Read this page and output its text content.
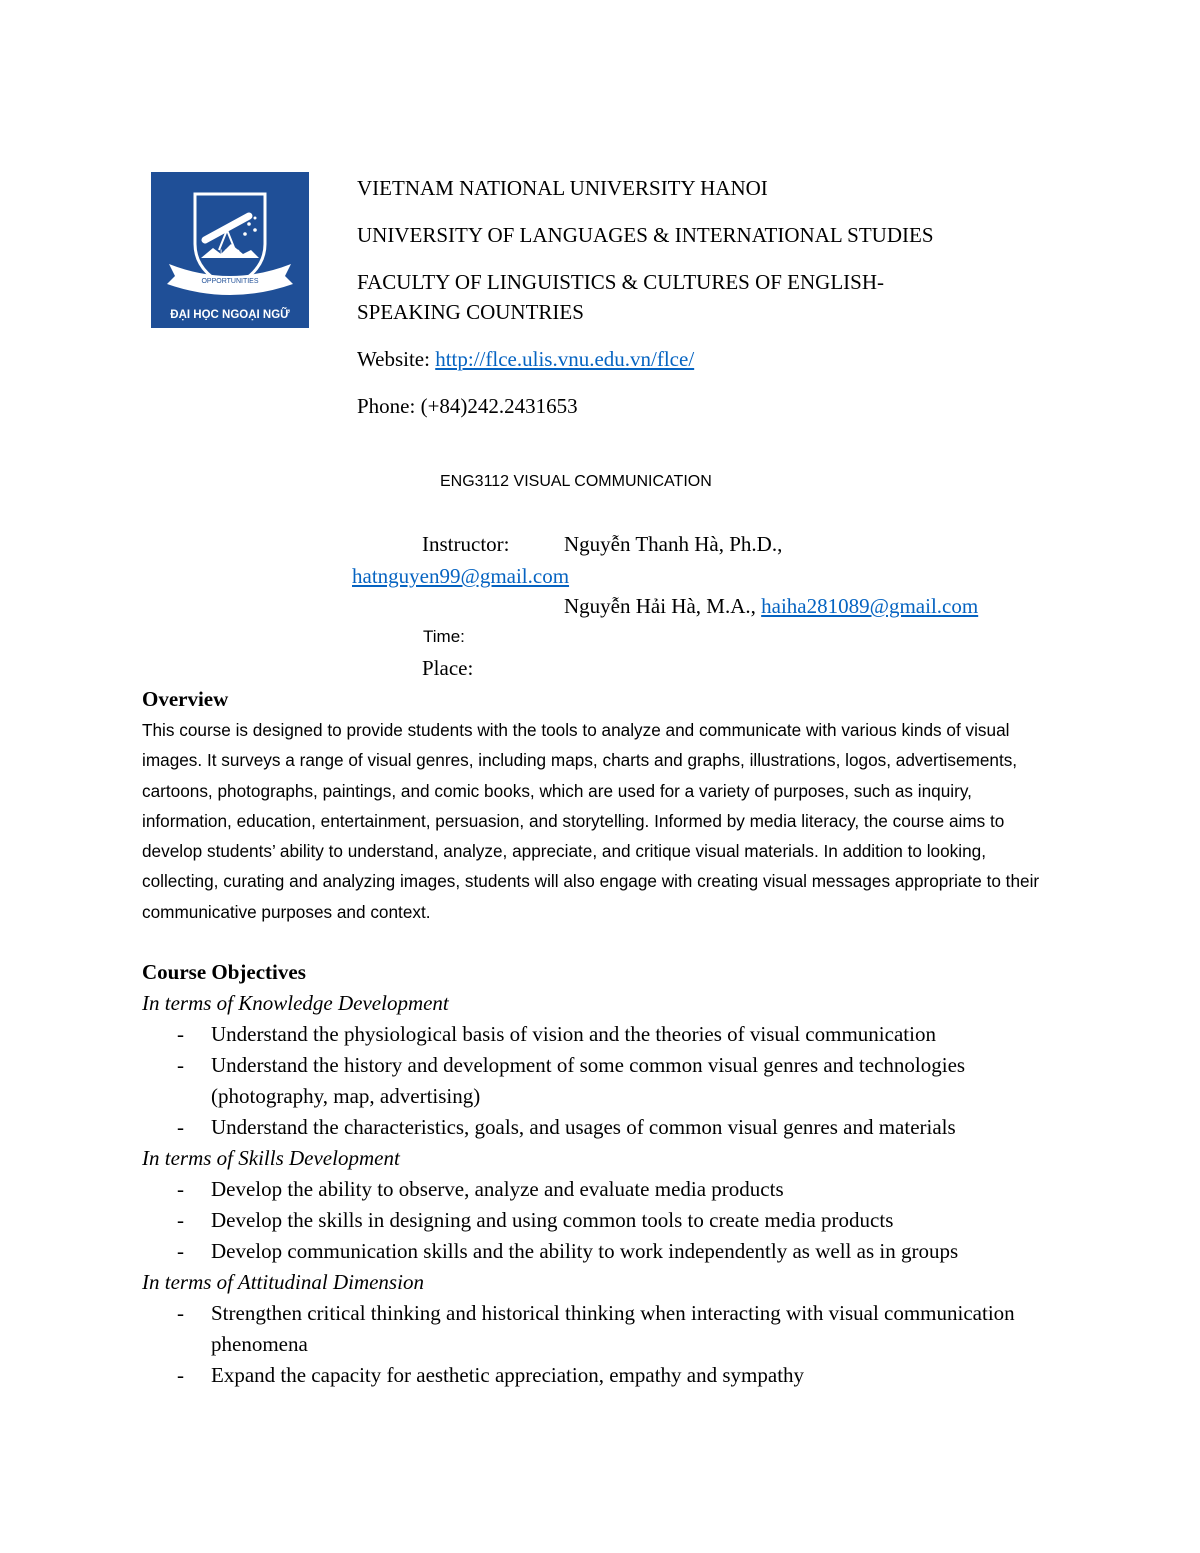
ULIS
OPPORTUNITIES
ĐẠI HỌC NGOẠI NGỮ
VIETNAM NATIONAL UNIVERSITY HANOI
UNIVERSITY OF LANGUAGES & INTERNATIONAL STUDIES
FACULTY OF LINGUISTICS & CULTURES OF ENGLISH-
SPEAKING COUNTRIES
Website: http://flce.ulis.vnu.edu.vn/flce/
Phone: (+84)242.2431653
ENG3112 VISUAL COMMUNICATION
Instructor:	Nguyễn Thanh Hà, Ph.D.,
hatnguyen99@gmail.com
Nguyễn Hải Hà, M.A., haiha281089@gmail.com
Time:
Place:
Overview

This course is designed to provide students with the tools to analyze and communicate with various kinds of visual images. It surveys a range of visual genres, including maps, charts and graphs, illustrations, logos, advertisements, cartoons, photographs, paintings, and comic books, which are used for a variety of purposes, such as inquiry, information, education, entertainment, persuasion, and storytelling. Informed by media literacy, the course aims to develop students’ ability to understand, analyze, appreciate, and critique visual materials. In addition to looking, collecting, curating and analyzing images, students will also engage with creating visual messages appropriate to their communicative purposes and context.

Course Objectives
In terms of Knowledge Development
- Understand the physiological basis of vision and the theories of visual communication
- Understand the history and development of some common visual genres and technologies (photography, map, advertising)
- Understand the characteristics, goals, and usages of common visual genres and materials
In terms of Skills Development
- Develop the ability to observe, analyze and evaluate media products
- Develop the skills in designing and using common tools to create media products
- Develop communication skills and the ability to work independently as well as in groups
In terms of Attitudinal Dimension
- Strengthen critical thinking and historical thinking when interacting with visual communication phenomena
- Expand the capacity for aesthetic appreciation, empathy and sympathy
